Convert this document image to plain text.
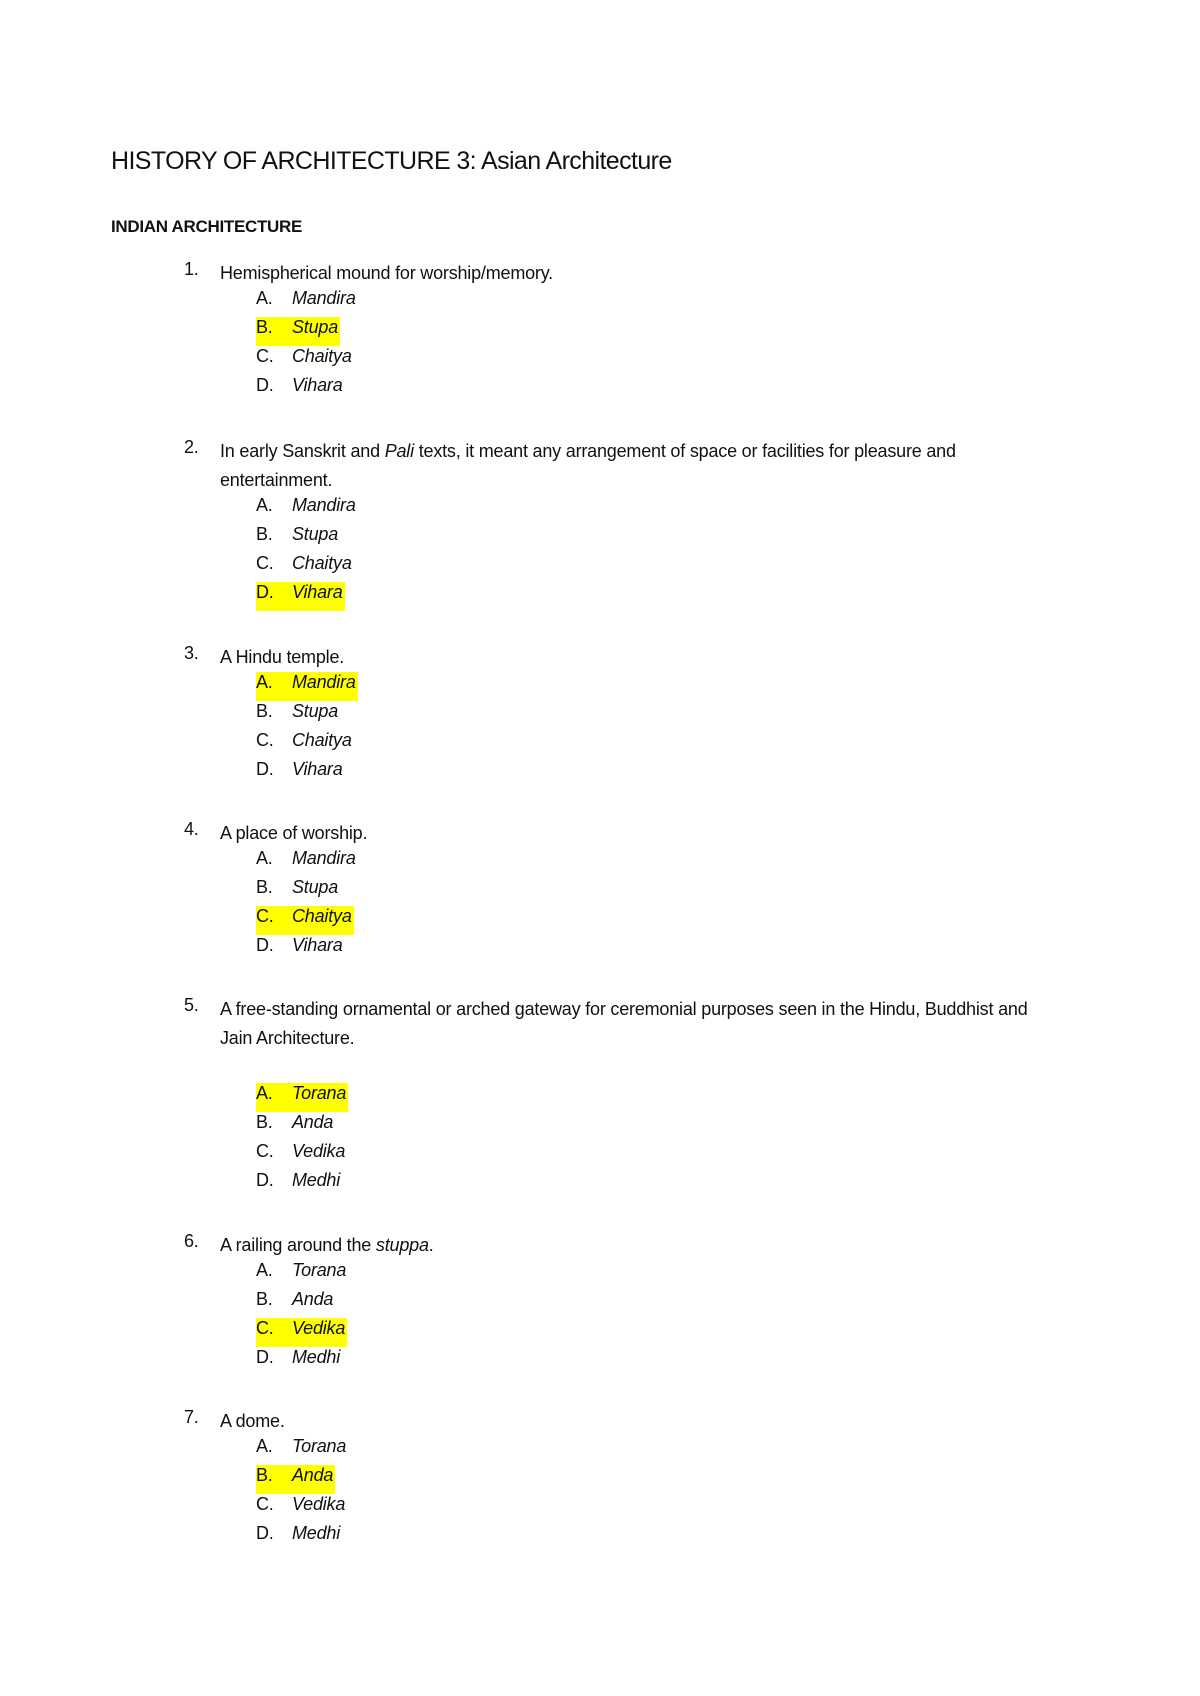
HISTORY OF ARCHITECTURE 3: Asian Architecture
INDIAN ARCHITECTURE
1.	Hemispherical mound for worship/memory.
A. Mandira
B. Stupa
C. Chaitya
D. Vihara
2.	In early Sanskrit and Pali texts, it meant any arrangement of space or facilities for pleasure and entertainment.
A. Mandira
B. Stupa
C. Chaitya
D. Vihara
3.	A Hindu temple.
A. Mandira
B. Stupa
C. Chaitya
D. Vihara
4.	A place of worship.
A. Mandira
B. Stupa
C. Chaitya
D. Vihara
5.	A free-standing ornamental or arched gateway for ceremonial purposes seen in the Hindu, Buddhist and Jain Architecture.
A. Torana
B. Anda
C. Vedika
D. Medhi
6.	A railing around the stuppa.
A. Torana
B. Anda
C. Vedika
D. Medhi
7.	A dome.
A. Torana
B. Anda
C. Vedika
D. Medhi
